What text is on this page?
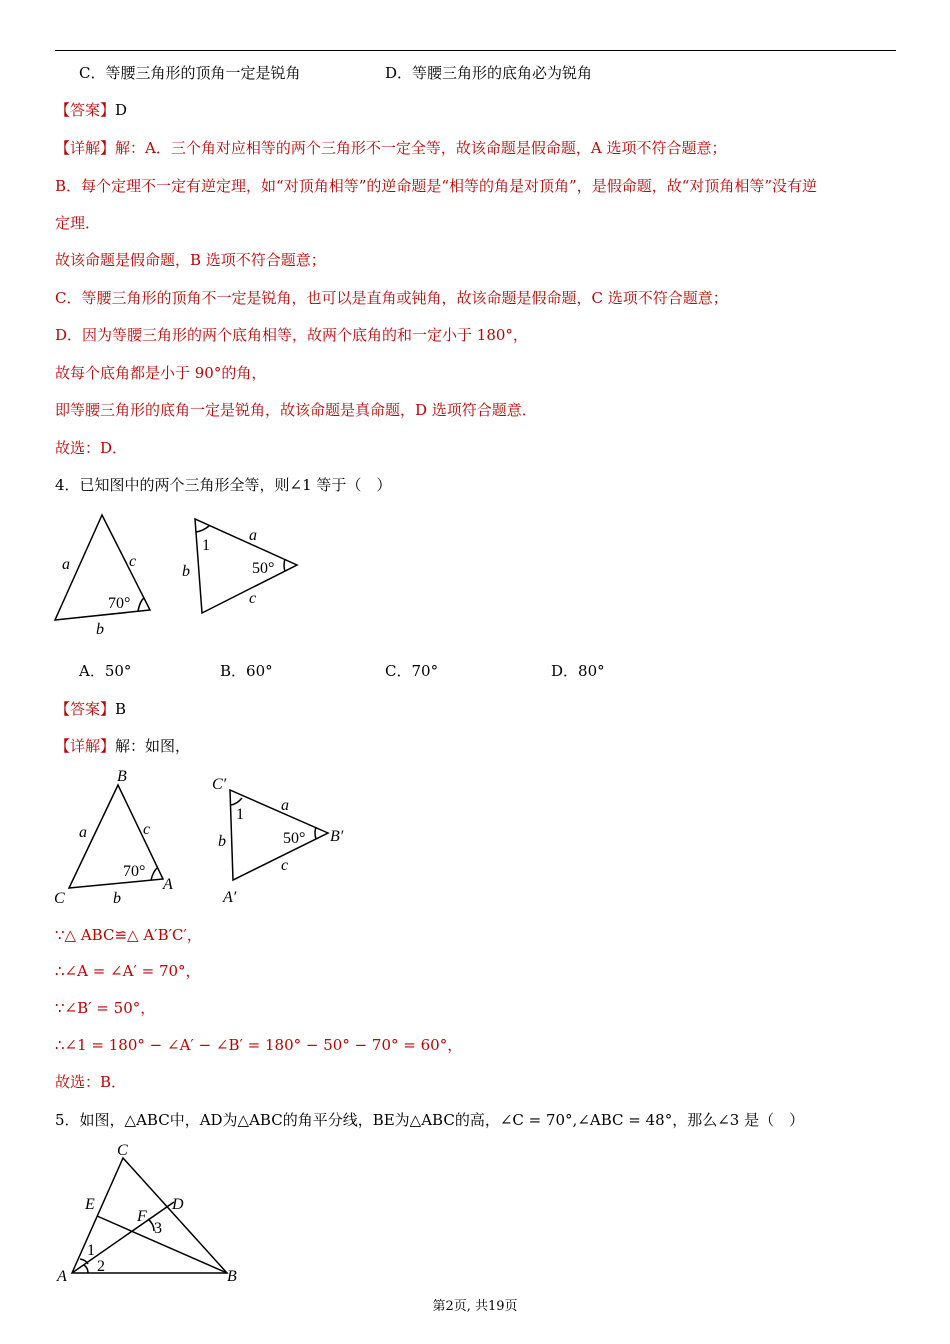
C．等腰三角形的顶角一定是锐角	D．等腰三角形的底角必为锐角
【答案】D
【详解】解：A．三个角对应相等的两个三角形不一定全等，故该命题是假命题，A 选项不符合题意；
B．每个定理不一定有逆定理，如“对顶角相等”的逆命题是“相等的角是对顶角”，是假命题，故“对顶角相等”没有逆
定理．
故该命题是假命题，B 选项不符合题意；
C．等腰三角形的顶角不一定是锐角，也可以是直角或钝角，故该命题是假命题，C 选项不符合题意；
D．因为等腰三角形的两个底角相等，故两个底角的和一定小于 180°，
故每个底角都是小于 90°的角，
即等腰三角形的底角一定是锐角，故该命题是真命题，D 选项符合题意．
故选：D．
4．已知图中的两个三角形全等，则∠1 等于（　）
a	c
b
70°
1
a
b
c
50°
A．50°	B．60°	C．70°	D．80°
【答案】B
【详解】解：如图，
B
a	c
70°
C	b
A
C′
1
a
b	50° B′
c
A′
∵△ ABC≌△ A′B′C′，
∴∠A = ∠A′ = 70°，
∵∠B′ = 50°，
∴∠1 = 180° − ∠A′ − ∠B′ = 180° − 50° − 70° = 60°，
故选：B．
5．如图，△ABC中，AD为△ABC的角平分线，BE为△ABC的高，∠C = 70°,∠ABC = 48°，那么∠3 是（　）
C
E	D
F
3
1
2
A	B
第2页, 共19页
